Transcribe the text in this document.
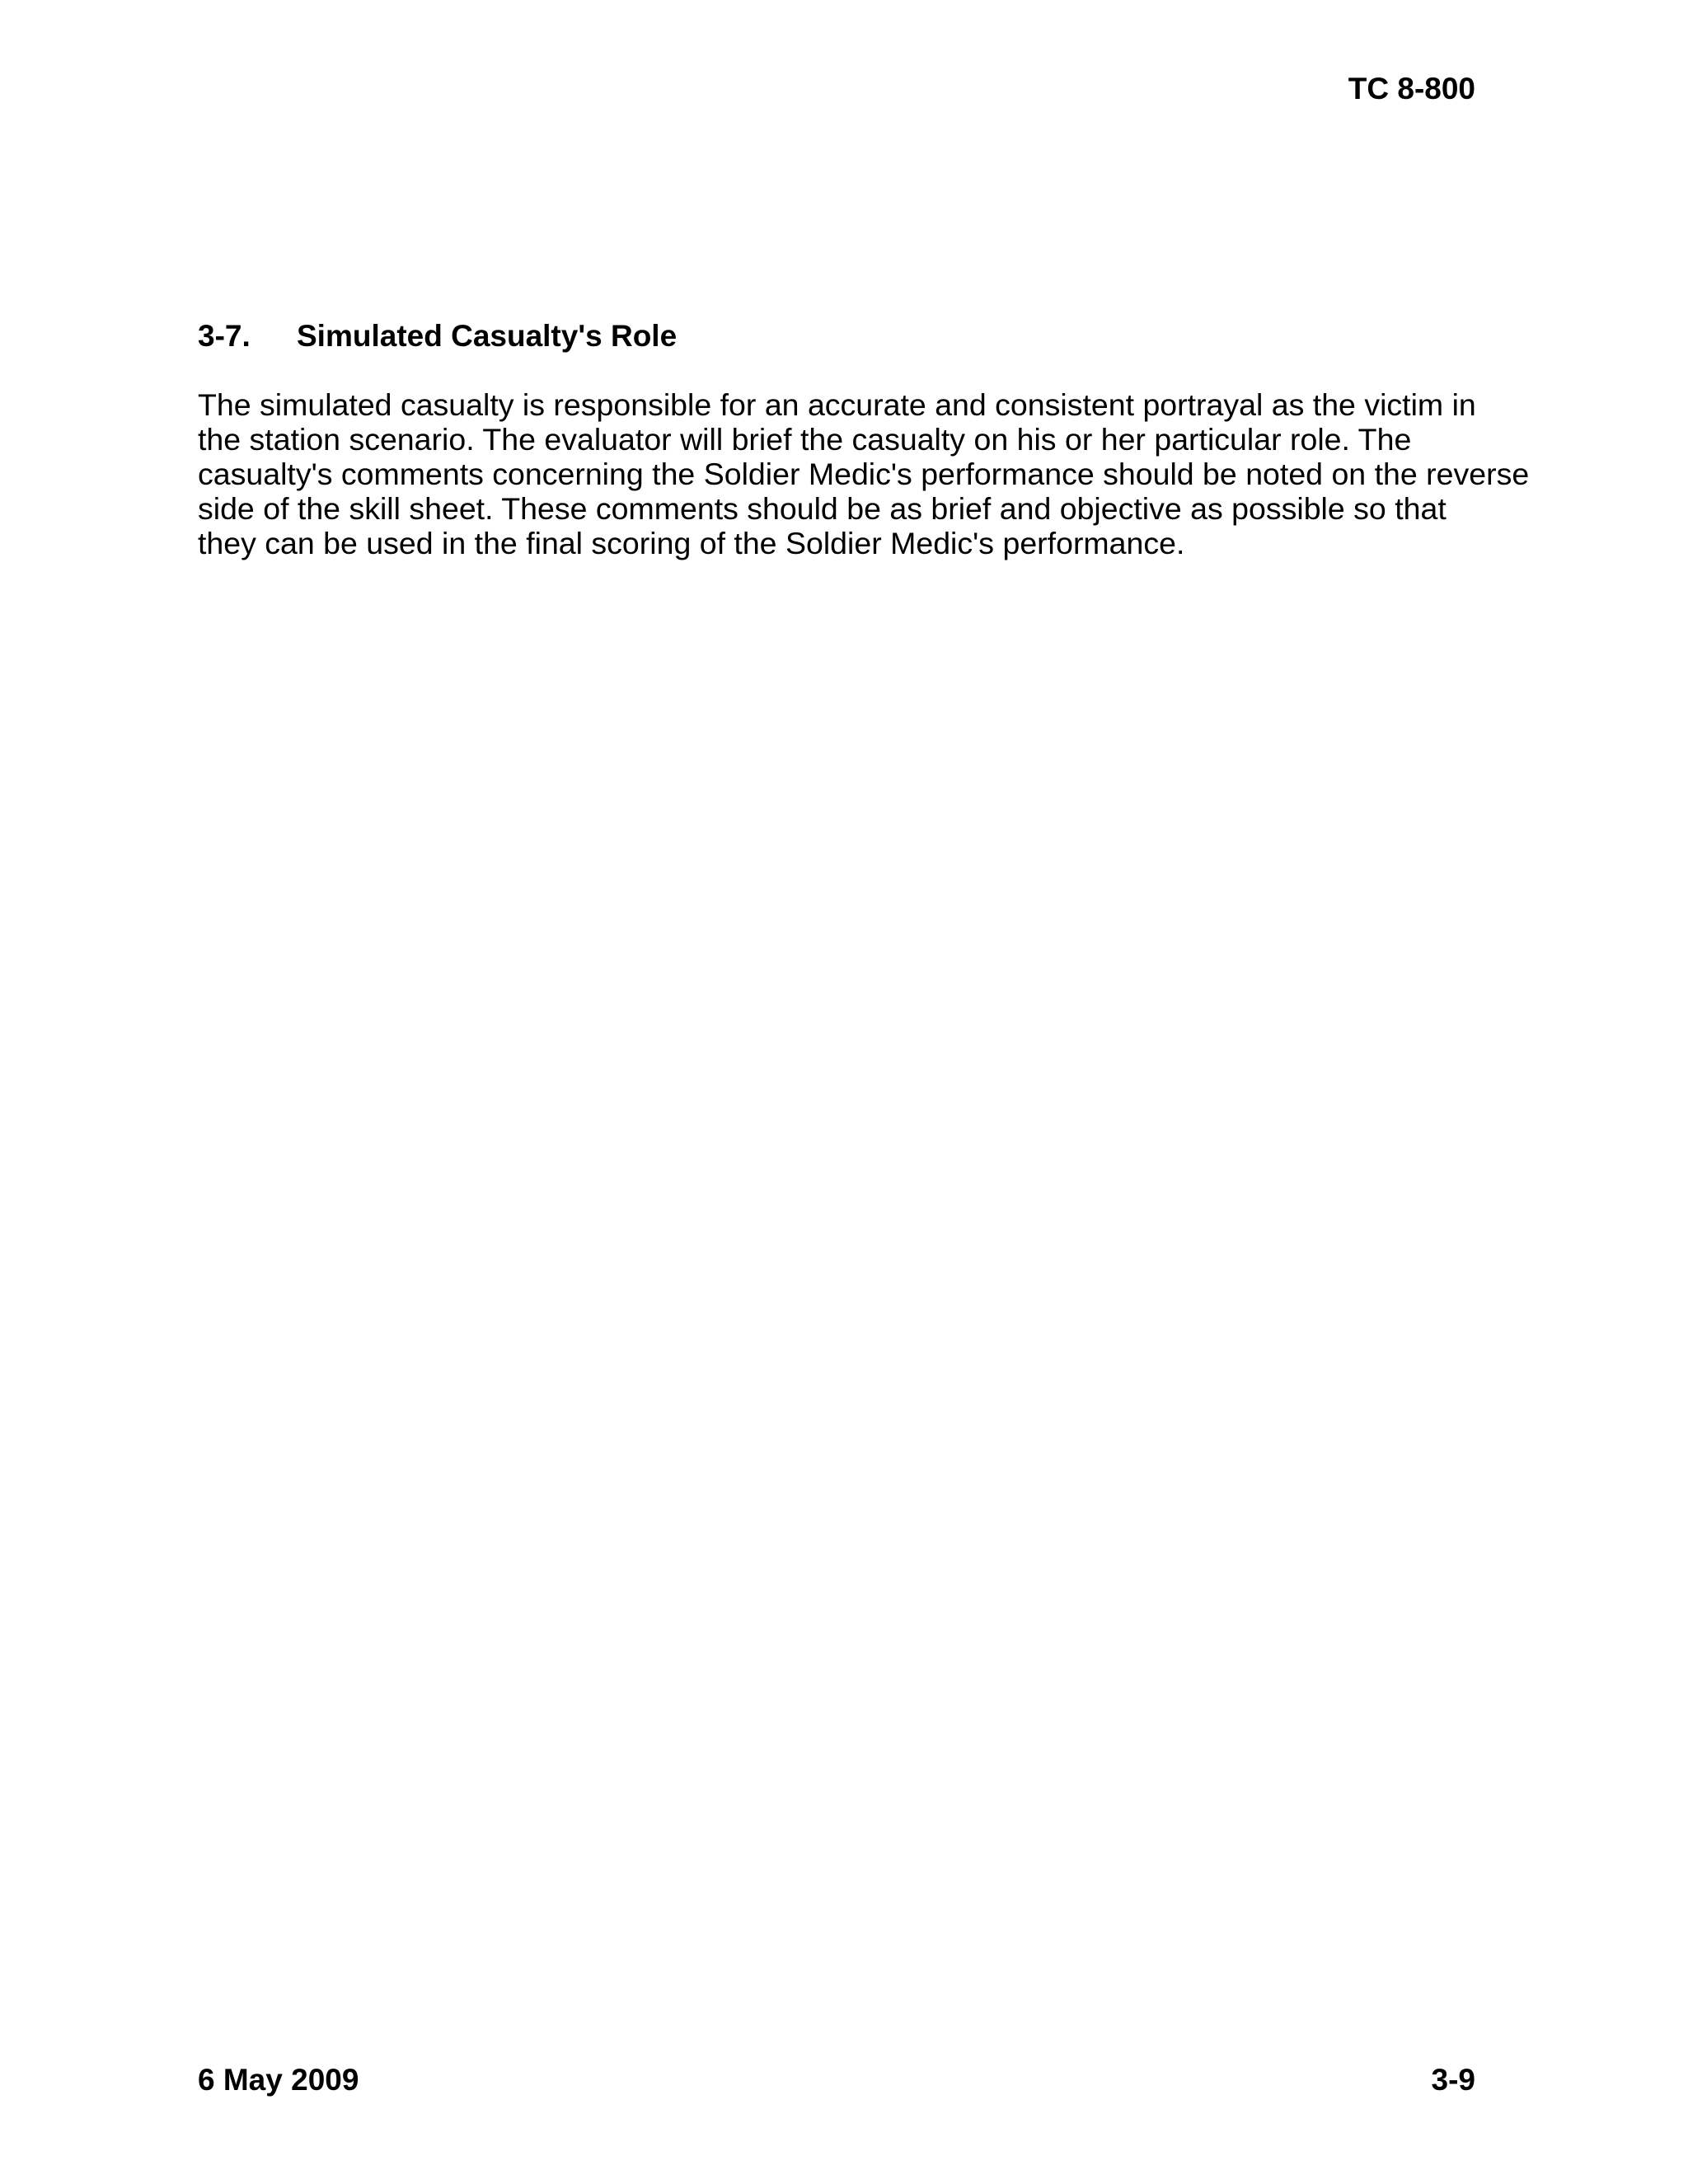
TC 8-800
3-7. Simulated Casualty's Role

The simulated casualty is responsible for an accurate and consistent portrayal as the victim in
the station scenario. The evaluator will brief the casualty on his or her particular role. The
casualty's comments concerning the Soldier Medic's performance should be noted on the reverse
side of the skill sheet. These comments should be as brief and objective as possible so that
they can be used in the final scoring of the Soldier Medic's performance.

6 May 2009	3-9
